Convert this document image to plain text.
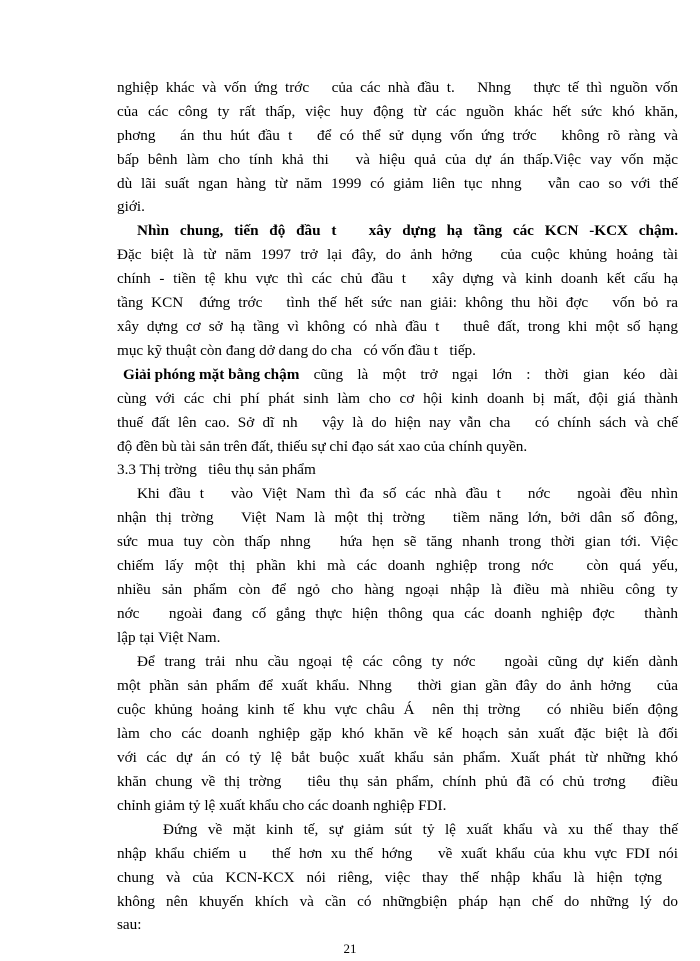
nghiệp khác và vốn ứng trớc   của các nhà đầu t.   Nhng   thực tế thì nguồn vốn
của các công ty rất thấp, việc huy động từ các nguồn khác hết sức khó khăn,
phơng   án thu hút đầu t   để có thể sử dụng vốn ứng trớc   không rõ ràng và
bấp bênh làm cho tính khả thi   và hiệu quả của dự án thấp.Việc vay vốn mặc
dù lãi suất ngan hàng từ năm 1999 có giảm liên tục nhng   vẫn cao so với thế
giới.
Nhìn chung, tiến độ đầu t   xây dựng hạ tầng các KCN -KCX chậm.
Đặc biệt là từ năm 1997 trở lại đây, do ảnh hởng   của cuộc khủng hoảng tài
chính - tiền tệ khu vực thì các chủ đầu t   xây dựng và kinh doanh kết cấu hạ
tầng KCN  đứng trớc   tình thế hết sức nan giải: không thu hồi đợc   vốn bỏ ra
xây dựng cơ sở hạ tầng vì không có nhà đầu t   thuê đất, trong khi một số hạng
mục kỹ thuật còn đang dở dang do cha   có vốn đầu t   tiếp.
Giải phóng mặt bằng chậm cũng là một trở ngại lớn : thời gian kéo dài
cùng với các chi phí phát sinh làm cho cơ hội kinh doanh bị mất, đội giá thành
thuế đất lên cao. Sở dĩ nh   vậy là do hiện nay vẫn cha   có chính sách và chế
độ đền bù tài sản trên đất, thiếu sự chỉ đạo sát xao của chính quyền.
3.3 Thị trờng   tiêu thụ sản phẩm
Khi đầu t   vào Việt Nam thì đa số các nhà đầu t   nớc   ngoài đều nhìn
nhận thị trờng   Việt Nam là một thị trờng   tiềm năng lớn, bởi dân số đông,
sức mua tuy còn thấp nhng   hứa hẹn sẽ tăng nhanh trong thời gian tới. Việc
chiếm lấy một thị phần khi mà các doanh nghiệp trong nớc   còn quá yếu,
nhiều sản phẩm còn để ngỏ cho hàng ngoại nhập là điều mà nhiều công ty
nớc   ngoài đang cố gắng thực hiện thông qua các doanh nghiệp đợc   thành
lập tại Việt Nam.
Để trang trải nhu cầu ngoại tệ các công ty nớc   ngoài cũng dự kiến dành
một phần sản phẩm để xuất khẩu. Nhng   thời gian gần đây do ảnh hởng   của
cuộc khủng hoảng kinh tế khu vực châu Á  nên thị trờng   có nhiều biến động
làm cho các doanh nghiệp gặp khó khăn về kế hoạch sản xuất đặc biệt là đối
với các dự án có tỷ lệ bắt buộc xuất khẩu sản phẩm. Xuất phát từ những khó
khăn chung về thị trờng   tiêu thụ sản phẩm, chính phủ đã có chủ trơng   điều
chỉnh giảm tỷ lệ xuất khẩu cho các doanh nghiệp FDI.
Đứng về mặt kinh tế, sự giảm sút tỷ lệ xuất khẩu và xu thế thay thế
nhập khẩu chiếm u   thế hơn xu thế hớng   về xuất khẩu của khu vực FDI nói
chung và của KCN-KCX nói riêng, việc thay thế nhập khẩu là hiện tợng
không nên khuyến khích và cần có nhữngbiện pháp hạn chế do những lý do
sau:
21
